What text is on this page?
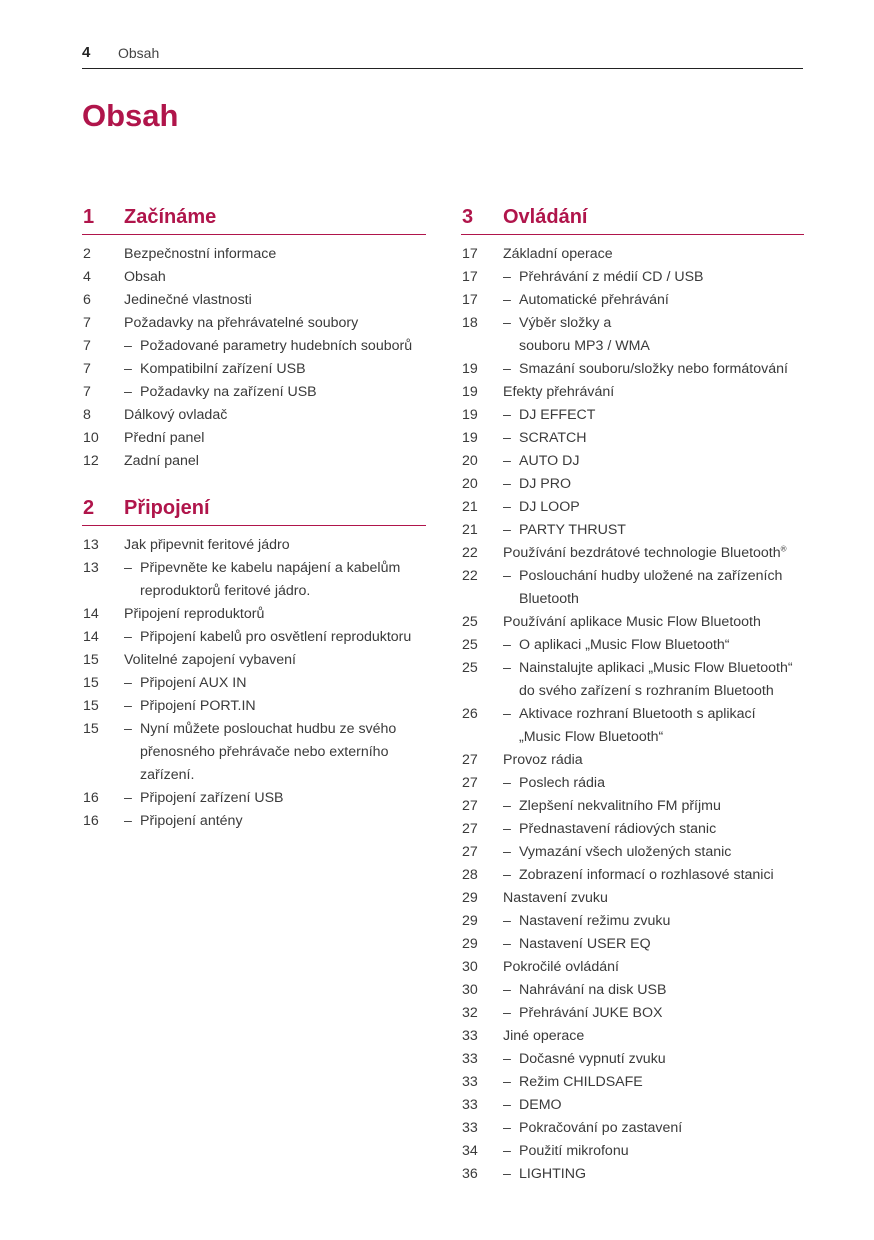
4 Obsah
Obsah
1 Začínáme
2 Bezpečnostní informace
4 Obsah
6 Jedinečné vlastnosti
7 Požadavky na přehrávatelné soubory
7 – Požadované parametry hudebních souborů
7 – Kompatibilní zařízení USB
7 – Požadavky na zařízení USB
8 Dálkový ovladač
10 Přední panel
12 Zadní panel
2 Připojení
13 Jak připevnit feritové jádro
13 – Připevněte ke kabelu napájení a kabelům
reproduktorů feritové jádro.
14 Připojení reproduktorů
14 – Připojení kabelů pro osvětlení reproduktoru
15 Volitelné zapojení vybavení
15 – Připojení AUX IN
15 – Připojení PORT.IN
15 – Nyní můžete poslouchat hudbu ze svého
přenosného přehrávače nebo externího
zařízení.
16 – Připojení zařízení USB
16 – Připojení antény
3 Ovládání
17 Základní operace
17 – Přehrávání z médií CD / USB
17 – Automatické přehrávání
18 – Výběr složky a
souboru MP3 / WMA
19 – Smazání souboru/složky nebo formátování
19 Efekty přehrávání
19 – DJ EFFECT
19 – SCRATCH
20 – AUTO DJ
20 – DJ PRO
21 – DJ LOOP
21 – PARTY THRUST
22 Používání bezdrátové technologie Bluetooth®
22 – Poslouchání hudby uložené na zařízeních
Bluetooth
25 Používání aplikace Music Flow Bluetooth
25 – O aplikaci „Music Flow Bluetooth“
25 – Nainstalujte aplikaci „Music Flow Bluetooth“
do svého zařízení s rozhraním Bluetooth
26 – Aktivace rozhraní Bluetooth s aplikací
„Music Flow Bluetooth“
27 Provoz rádia
27 – Poslech rádia
27 – Zlepšení nekvalitního FM příjmu
27 – Přednastavení rádiových stanic
27 – Vymazání všech uložených stanic
28 – Zobrazení informací o rozhlasové stanici
29 Nastavení zvuku
29 – Nastavení režimu zvuku
29 – Nastavení USER EQ
30 Pokročilé ovládání
30 – Nahrávání na disk USB
32 – Přehrávání JUKE BOX
33 Jiné operace
33 – Dočasné vypnutí zvuku
33 – Režim CHILDSAFE
33 – DEMO
33 – Pokračování po zastavení
34 – Použití mikrofonu
36 – LIGHTING
